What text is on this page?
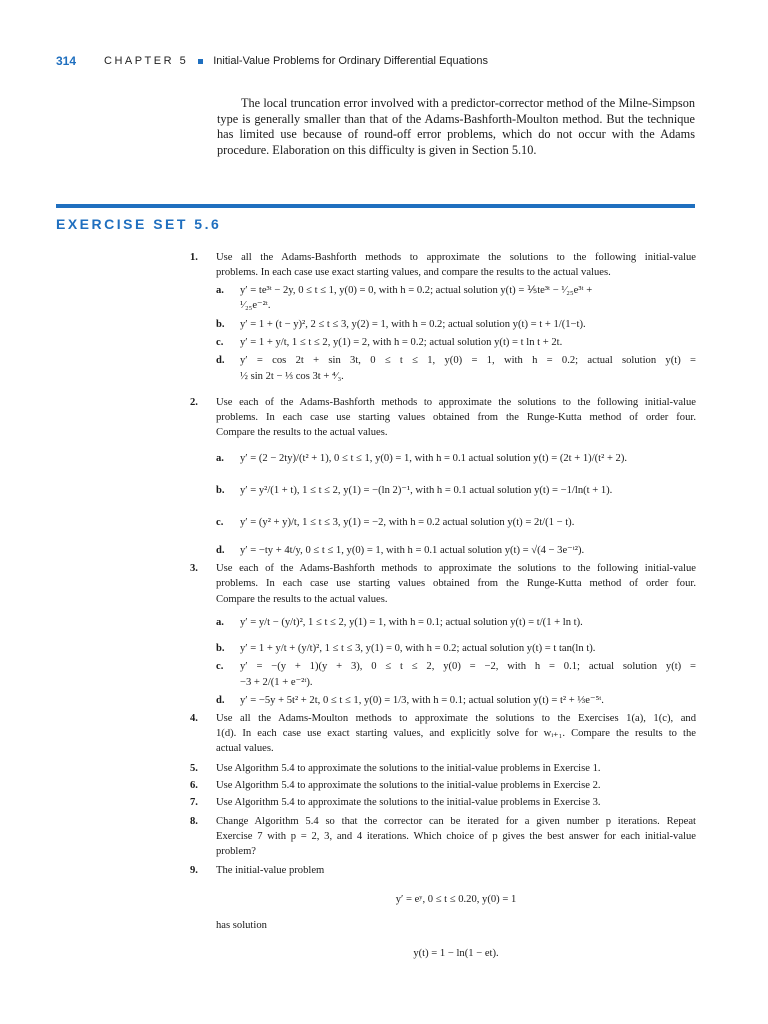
314	CHAPTER 5 Initial-Value Problems for Ordinary Differential Equations

The local truncation error involved with a predictor-corrector method of the Milne-Simpson type is generally smaller than that of the Adams-Bashforth-Moulton method. But the technique has limited use because of round-off error problems, which do not occur with the Adams procedure. Elaboration on this difficulty is given in Section 5.10.

EXERCISE SET 5.6
1. Use all the Adams-Bashforth methods to approximate the solutions to the following initial-value
problems. In each case use exact starting values, and compare the results to the actual values.
a. y′ = te³ᵗ − 2y, 0 ≤ t ≤ 1, y(0) = 0, with h = 0.2; actual solution y(t) = ⅕te³ᵗ − ¹⁄₂₅e³ᵗ +
¹⁄₂₅e⁻²ᵗ.
b. y′ = 1 + (t − y)², 2 ≤ t ≤ 3, y(2) = 1, with h = 0.2; actual solution y(t) = t + 1/(1−t).
c. y′ = 1 + y/t, 1 ≤ t ≤ 2, y(1) = 2, with h = 0.2; actual solution y(t) = t ln t + 2t.
d. y′ = cos 2t + sin 3t, 0 ≤ t ≤ 1, y(0) = 1, with h = 0.2; actual solution y(t) =
½ sin 2t − ⅓ cos 3t + ⁴⁄₃.
2. Use each of the Adams-Bashforth methods to approximate the solutions to the following initial-value
problems. In each case use starting values obtained from the Runge-Kutta method of order four.
Compare the results to the actual values.
a. y′ = (2 − 2ty)/(t² + 1), 0 ≤ t ≤ 1, y(0) = 1, with h = 0.1 actual solution y(t) = (2t + 1)/(t² + 2).
b. y′ = y²/(1 + t), 1 ≤ t ≤ 2, y(1) = −(ln 2)⁻¹, with h = 0.1 actual solution y(t) = −1/ln(t + 1).
c. y′ = (y² + y)/t, 1 ≤ t ≤ 3, y(1) = −2, with h = 0.2 actual solution y(t) = 2t/(1 − t).
d. y′ = −ty + 4t/y, 0 ≤ t ≤ 1, y(0) = 1, with h = 0.1 actual solution y(t) = √(4 − 3e⁻ᵗ²).
3. Use each of the Adams-Bashforth methods to approximate the solutions to the following initial-value
problems. In each case use starting values obtained from the Runge-Kutta method of order four.
Compare the results to the actual values.
a. y′ = y/t − (y/t)², 1 ≤ t ≤ 2, y(1) = 1, with h = 0.1; actual solution y(t) = t/(1 + ln t).
b. y′ = 1 + y/t + (y/t)², 1 ≤ t ≤ 3, y(1) = 0, with h = 0.2; actual solution y(t) = t tan(ln t).
c. y′ = −(y + 1)(y + 3), 0 ≤ t ≤ 2, y(0) = −2, with h = 0.1; actual solution y(t) =
−3 + 2/(1 + e⁻²ᵗ).
d. y′ = −5y + 5t² + 2t, 0 ≤ t ≤ 1, y(0) = 1/3, with h = 0.1; actual solution y(t) = t² + ⅓e⁻⁵ᵗ.
4. Use all the Adams-Moulton methods to approximate the solutions to the Exercises 1(a), 1(c), and
1(d). In each case use exact starting values, and explicitly solve for wᵢ₊₁. Compare the results to the
actual values.
5. Use Algorithm 5.4 to approximate the solutions to the initial-value problems in Exercise 1.
6. Use Algorithm 5.4 to approximate the solutions to the initial-value problems in Exercise 2.
7. Use Algorithm 5.4 to approximate the solutions to the initial-value problems in Exercise 3.
8. Change Algorithm 5.4 so that the corrector can be iterated for a given number p iterations. Repeat
Exercise 7 with p = 2, 3, and 4 iterations. Which choice of p gives the best answer for each initial-value
problem?
9. The initial-value problem
y′ = eʸ, 0 ≤ t ≤ 0.20, y(0) = 1
has solution
y(t) = 1 − ln(1 − et).
